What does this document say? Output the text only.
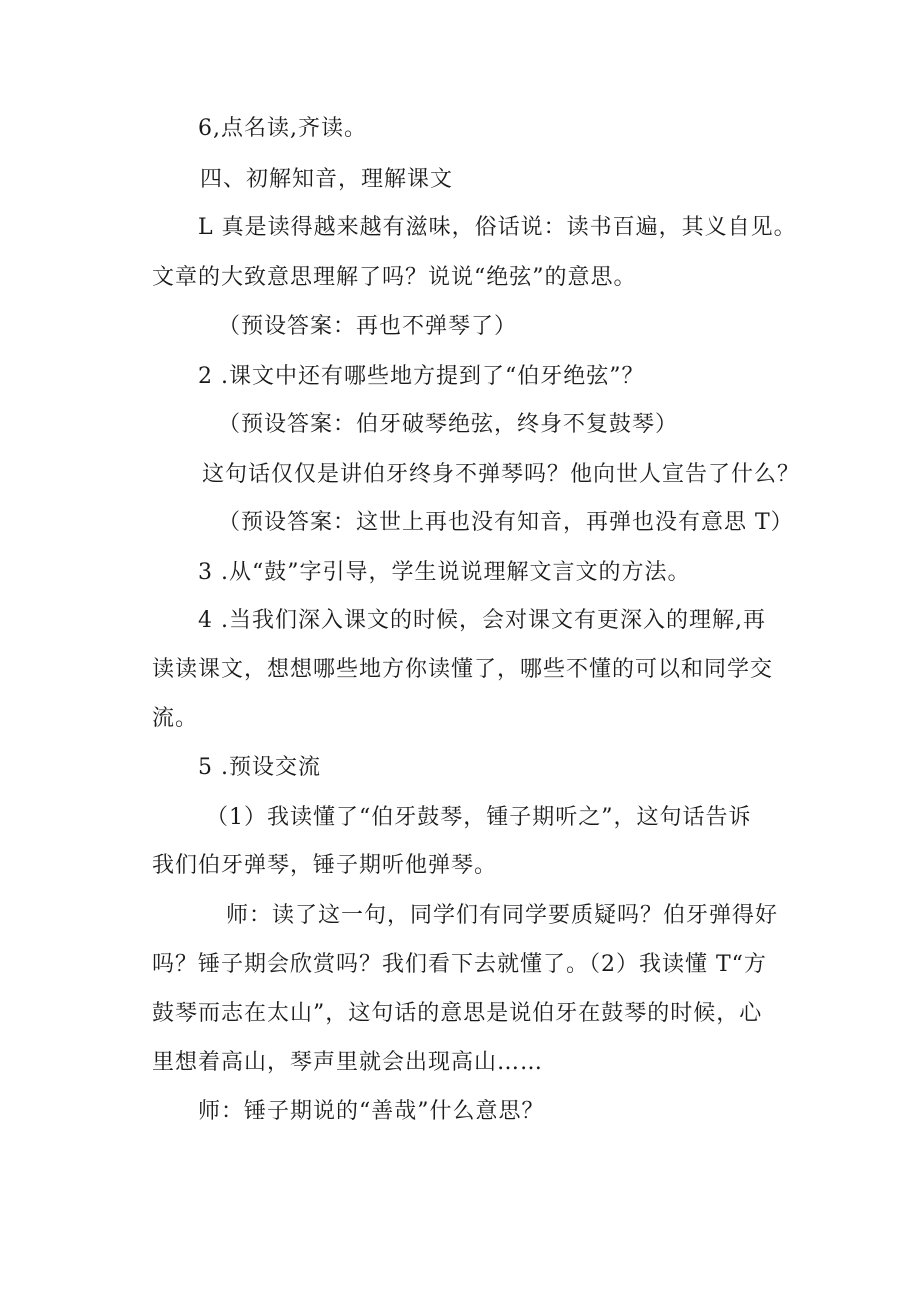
6,点名读,齐读。
四、初解知音，理解课文
L 真是读得越来越有滋味，俗话说：读书百遍，其义自见。
文章的大致意思理解了吗？说说“绝弦”的意思。
（预设答案：再也不弹琴了）
2 .课文中还有哪些地方提到了“伯牙绝弦”？
（预设答案：伯牙破琴绝弦，终身不复鼓琴）
这句话仅仅是讲伯牙终身不弹琴吗？他向世人宣告了什么？
（预设答案：这世上再也没有知音，再弹也没有意思 T）
3 .从“鼓”字引导，学生说说理解文言文的方法。
4 .当我们深入课文的时候，会对课文有更深入的理解,再
读读课文，想想哪些地方你读懂了，哪些不懂的可以和同学交
流。
5 .预设交流
（1）我读懂了“伯牙鼓琴，锺子期听之”，这句话告诉
我们伯牙弹琴，锤子期听他弹琴。
师：读了这一句，同学们有同学要质疑吗？伯牙弹得好
吗？锤子期会欣赏吗？我们看下去就懂了。（2）我读懂 T“方
鼓琴而志在太山”，这句话的意思是说伯牙在鼓琴的时候，心
里想着高山，琴声里就会出现高山……
师：锤子期说的“善哉”什么意思？
